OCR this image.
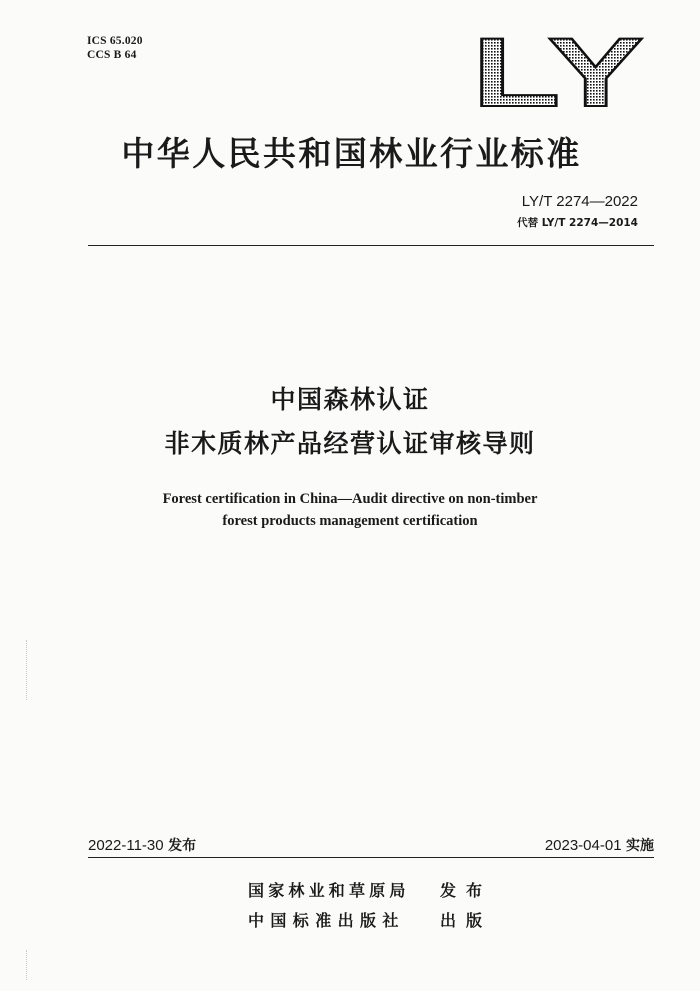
ICS 65.020
CCS B 64	LY
中华人民共和国林业行业标准
LY/T 2274—2022
代替 LY/T 2274—2014
中国森林认证
非木质林产品经营认证审核导则
Forest certification in China—Audit directive on non-timber
forest products management certification
2022-11-30 发布	2023-04-01 实施
国家林业和草原局 发布
中国标准出版社 出版
